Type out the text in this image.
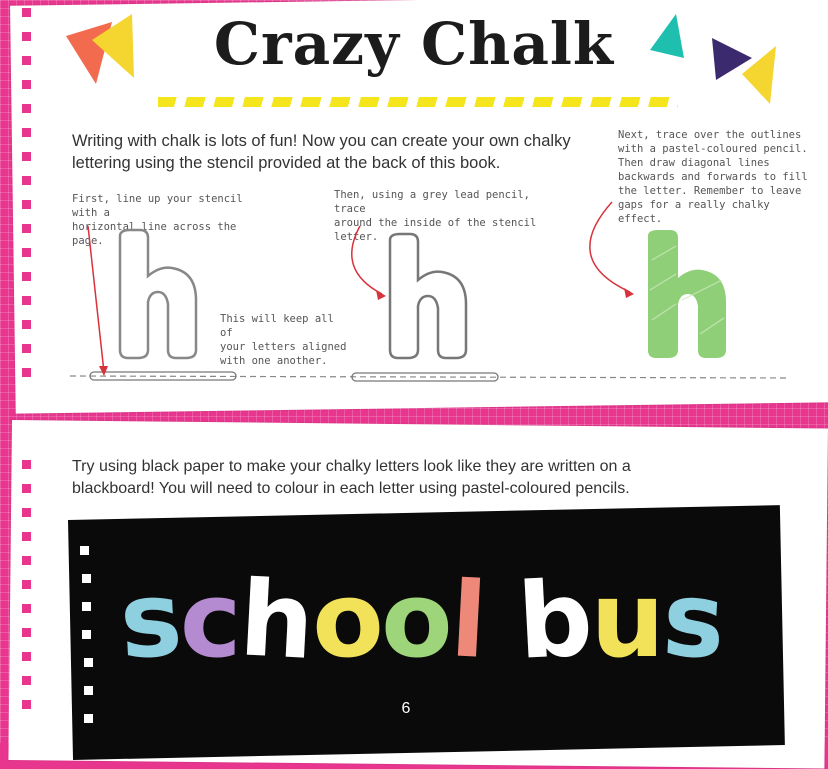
Crazy Chalk
Writing with chalk is lots of fun! Now you can create your own chalky lettering using the stencil provided at the back of this book.
First, line up your stencil with a
horizontal line across the page.
Then, using a grey lead pencil, trace
around the inside of the stencil letter.
Next, trace over the outlines
with a pastel-coloured pencil.
Then draw diagonal lines
backwards and forwards to fill
the letter. Remember to leave
gaps for a really chalky effect.
This will keep all of
your letters aligned
with one another.
Try using black paper to make your chalky letters look like they are written on a blackboard! You will need to colour in each letter using pastel-coloured pencils.
school bus
6
